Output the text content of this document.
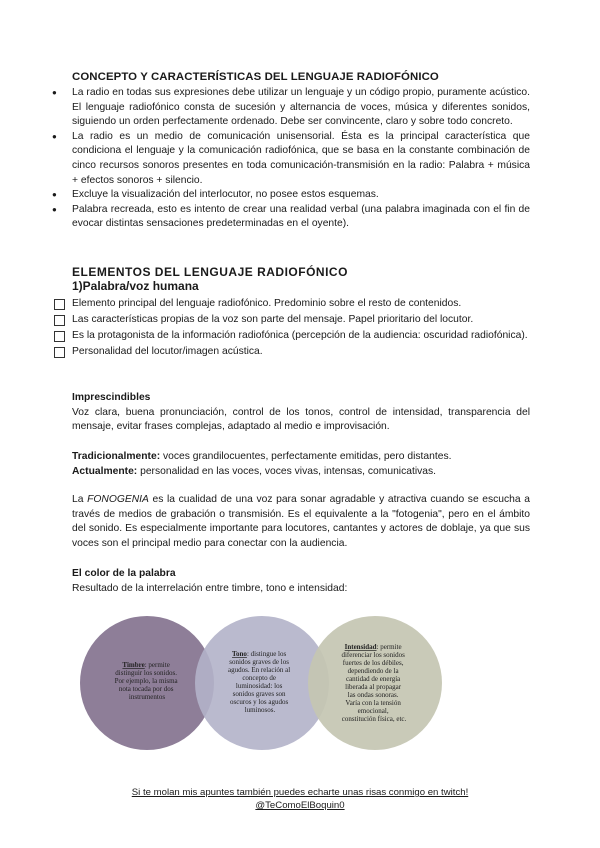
CONCEPTO Y CARACTERÍSTICAS DEL LENGUAJE RADIOFÓNICO
● La radio en todas sus expresiones debe utilizar un lenguaje y un código propio, puramente acústico. El lenguaje radiofónico consta de sucesión y alternancia de voces, música y diferentes sonidos, siguiendo un orden perfectamente ordenado. Debe ser convincente, claro y sobre todo concreto.
● La radio es un medio de comunicación unisensorial. Ésta es la principal característica que condiciona el lenguaje y la comunicación radiofónica, que se basa en la constante combinación de cinco recursos sonoros presentes en toda comunicación-transmisión en la radio: Palabra + música + efectos sonoros + silencio.
● Excluye la visualización del interlocutor, no posee estos esquemas.
● Palabra recreada, esto es intento de crear una realidad verbal (una palabra imaginada con el fin de evocar distintas sensaciones predeterminadas en el oyente).
ELEMENTOS DEL LENGUAJE RADIOFÓNICO
1)Palabra/voz humana
Elemento principal del lenguaje radiofónico. Predominio sobre el resto de contenidos.
Las características propias de la voz son parte del mensaje. Papel prioritario del locutor.
Es la protagonista de la información radiofónica (percepción de la audiencia: oscuridad radiofónica).
Personalidad del locutor/imagen acústica.
Imprescindibles
Voz clara, buena pronunciación, control de los tonos, control de intensidad, transparencia del mensaje, evitar frases complejas, adaptado al medio e improvisación.
Tradicionalmente: voces grandilocuentes, perfectamente emitidas, pero distantes.
Actualmente: personalidad en las voces, voces vivas, intensas, comunicativas.
La FONOGENIA es la cualidad de una voz para sonar agradable y atractiva cuando se escucha a través de medios de grabación o transmisión. Es el equivalente a la "fotogenia", pero en el ámbito del sonido. Es especialmente importante para locutores, cantantes y actores de doblaje, ya que sus voces son el principal medio para conectar con la audiencia.
El color de la palabra
Resultado de la interrelación entre timbre, tono e intensidad:
Timbre: permite distinguir los sonidos. Por ejemplo, la misma nota tocada por dos instrumentos
Tono: distingue los sonidos graves de los agudos. En relación al concepto de luminosidad: los sonidos graves son oscuros y los agudos luminosos.
Intensidad: permite diferenciar los sonidos fuertes de los débiles, dependiendo de la cantidad de energía liberada al propagar las ondas sonoras. Varía con la tensión emocional, constitución física, etc.
Si te molan mis apuntes también puedes echarte unas risas conmigo en twitch!
@TeComoElBoquin0
